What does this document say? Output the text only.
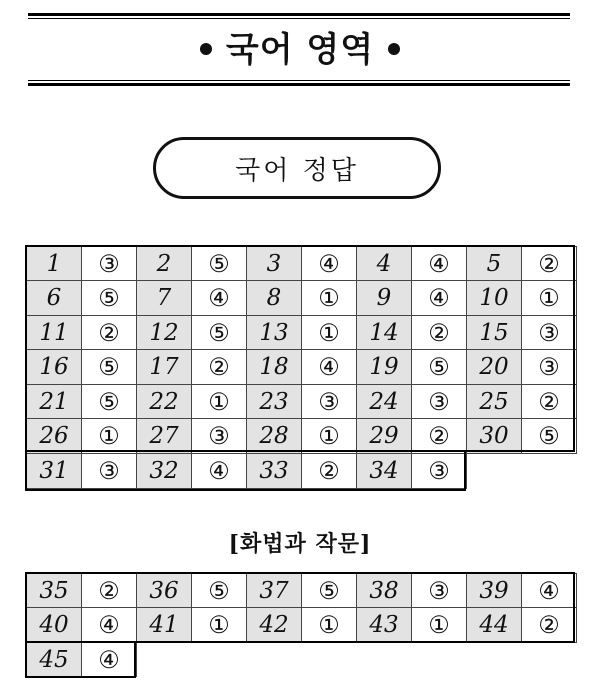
국어 영역
국어 정답
1	③	2	⑤	3	④	4	④	5	②
6	⑤	7	④	8	①	9	④	10	①
11	②	12	⑤	13	①	14	②	15	③
16	⑤	17	②	18	④	19	⑤	20	③
21	⑤	22	①	23	③	24	③	25	②
26	①	27	③	28	①	29	②	30	⑤
31	③	32	④	33	②	34	③		
[화법과 작문]
35	②	36	⑤	37	⑤	38	③	39	④
40	④	41	①	42	①	43	①	44	②
45	④								
